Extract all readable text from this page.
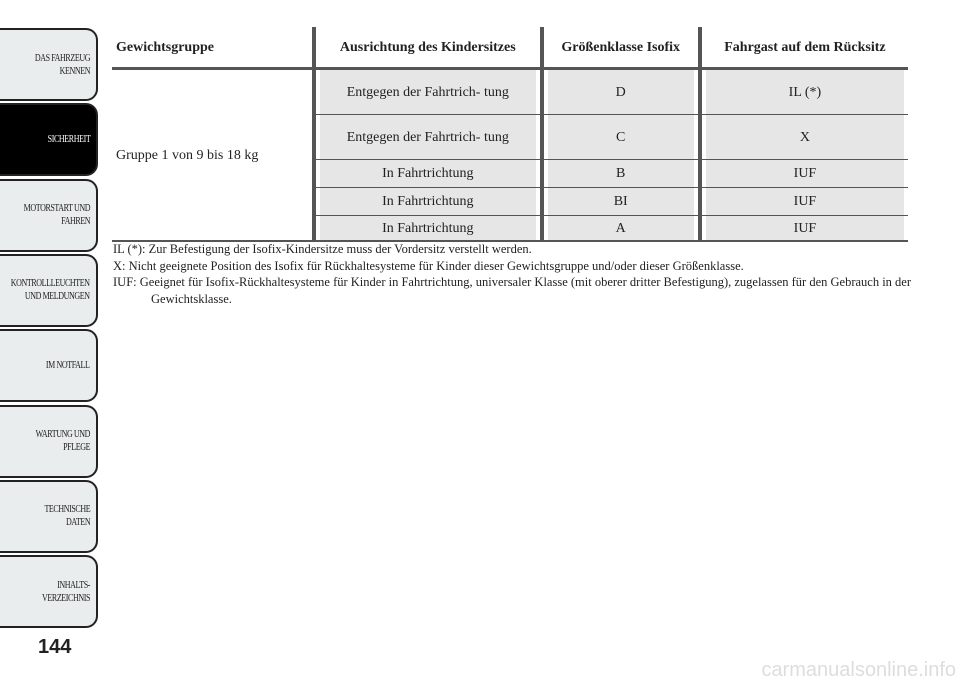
DAS FAHRZEUG
KENNEN
SICHERHEIT
MOTORSTART UND
FAHREN
KONTROLLLEUCHTEN
UND MELDUNGEN
IM NOTFALL
WARTUNG UND
PFLEGE
TECHNISCHE
DATEN
INHALTS-
VERZEICHNIS
144
Gewichtsgruppe	Ausrichtung des Kindersitzes	Größenklasse Isofix	Fahrgast auf dem Rücksitz
Gruppe 1 von 9 bis 18 kg	Entgegen der Fahrtrich- tung	D	IL (*)
	Entgegen der Fahrtrich- tung	C	X
	In Fahrtrichtung	B	IUF
	In Fahrtrichtung	BI	IUF
	In Fahrtrichtung	A	IUF
IL (*): Zur Befestigung der Isofix-Kindersitze muss der Vordersitz verstellt werden.
X: Nicht geeignete Position des Isofix für Rückhaltesysteme für Kinder dieser Gewichtsgruppe und/oder dieser Größenklasse.
IUF: Geeignet für Isofix-Rückhaltesysteme für Kinder in Fahrtrichtung, universaler Klasse (mit oberer dritter Befestigung), zugelassen für den Gebrauch in der Gewichtsklasse.
carmanualsonline.info
